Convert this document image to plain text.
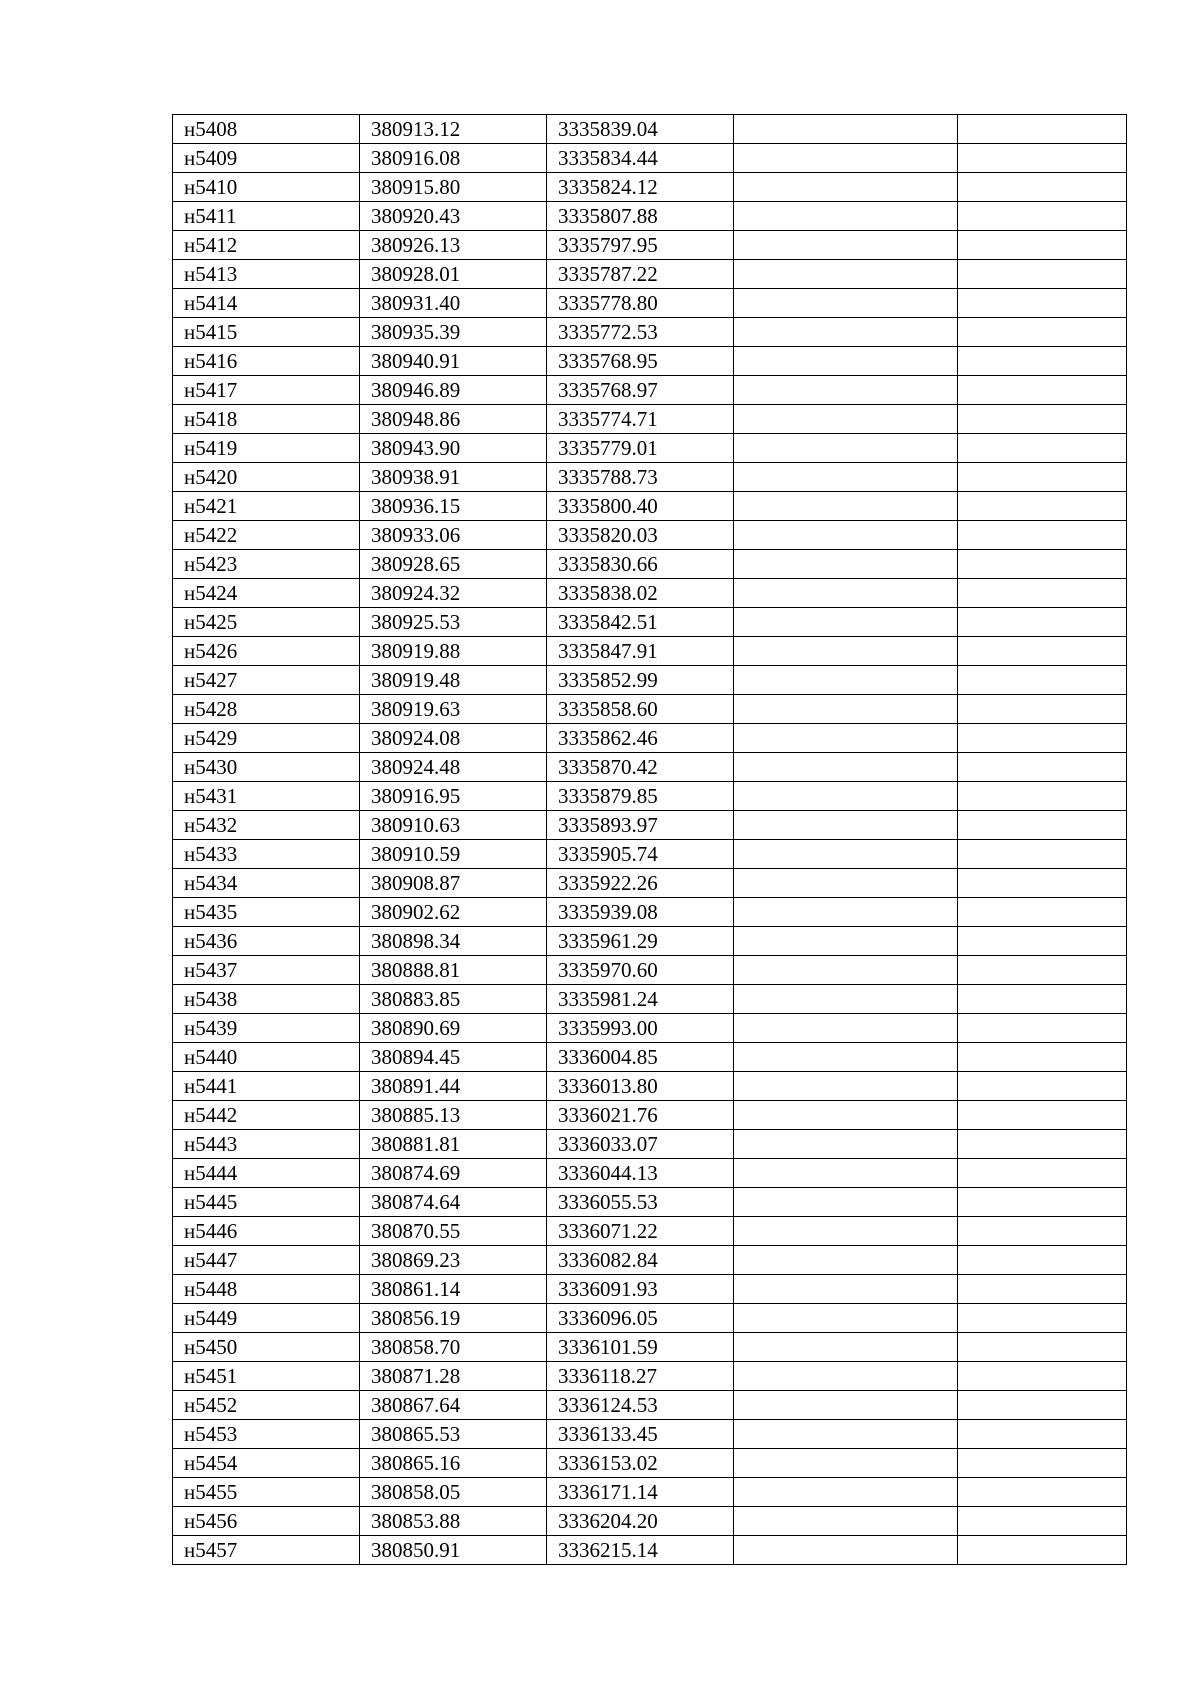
н5408	380913.12	3335839.04		
н5409	380916.08	3335834.44		
н5410	380915.80	3335824.12		
н5411	380920.43	3335807.88		
н5412	380926.13	3335797.95		
н5413	380928.01	3335787.22		
н5414	380931.40	3335778.80		
н5415	380935.39	3335772.53		
н5416	380940.91	3335768.95		
н5417	380946.89	3335768.97		
н5418	380948.86	3335774.71		
н5419	380943.90	3335779.01		
н5420	380938.91	3335788.73		
н5421	380936.15	3335800.40		
н5422	380933.06	3335820.03		
н5423	380928.65	3335830.66		
н5424	380924.32	3335838.02		
н5425	380925.53	3335842.51		
н5426	380919.88	3335847.91		
н5427	380919.48	3335852.99		
н5428	380919.63	3335858.60		
н5429	380924.08	3335862.46		
н5430	380924.48	3335870.42		
н5431	380916.95	3335879.85		
н5432	380910.63	3335893.97		
н5433	380910.59	3335905.74		
н5434	380908.87	3335922.26		
н5435	380902.62	3335939.08		
н5436	380898.34	3335961.29		
н5437	380888.81	3335970.60		
н5438	380883.85	3335981.24		
н5439	380890.69	3335993.00		
н5440	380894.45	3336004.85		
н5441	380891.44	3336013.80		
н5442	380885.13	3336021.76		
н5443	380881.81	3336033.07		
н5444	380874.69	3336044.13		
н5445	380874.64	3336055.53		
н5446	380870.55	3336071.22		
н5447	380869.23	3336082.84		
н5448	380861.14	3336091.93		
н5449	380856.19	3336096.05		
н5450	380858.70	3336101.59		
н5451	380871.28	3336118.27		
н5452	380867.64	3336124.53		
н5453	380865.53	3336133.45		
н5454	380865.16	3336153.02		
н5455	380858.05	3336171.14		
н5456	380853.88	3336204.20		
н5457	380850.91	3336215.14		
